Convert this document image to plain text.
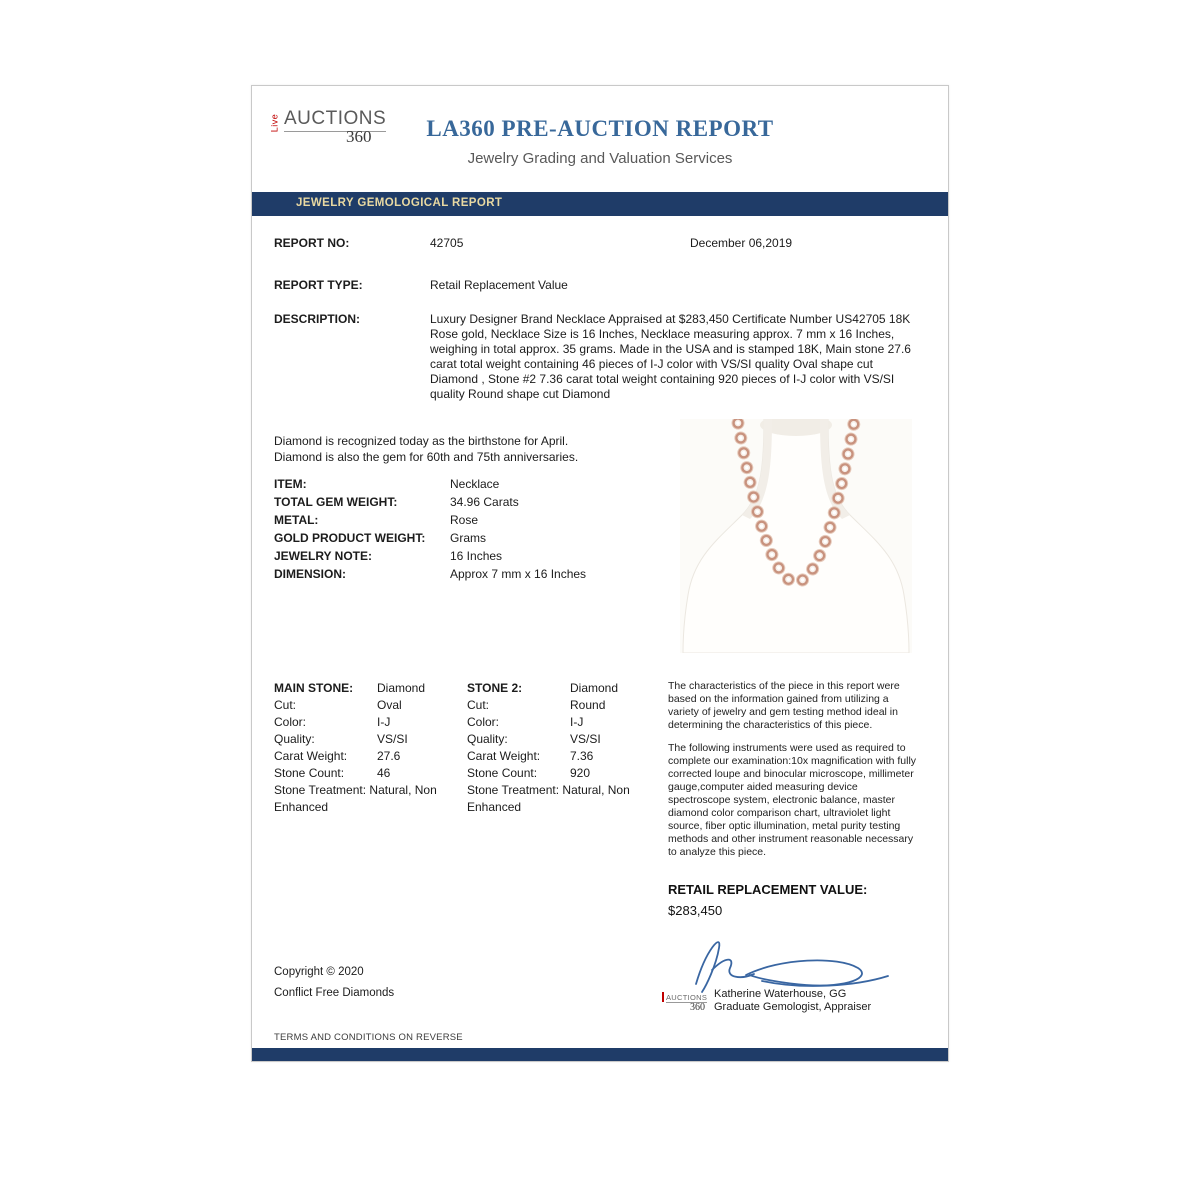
Live AUCTIONS
360	LA360 PRE-AUCTION REPORT
Jewelry Grading and Valuation Services
JEWELRY GEMOLOGICAL REPORT
REPORT NO:	42705	December 06,2019
REPORT TYPE:	Retail Replacement Value
DESCRIPTION:	Luxury Designer Brand Necklace Appraised at $283,450 Certificate Number US42705 18K Rose gold, Necklace Size is 16 Inches, Necklace measuring approx. 7 mm x 16 Inches, weighing in total approx. 35 grams. Made in the USA and is stamped 18K, Main stone 27.6 carat total weight containing 46 pieces of I-J color with VS/SI quality Oval shape cut Diamond , Stone #2 7.36 carat total weight containing 920 pieces of I-J color with VS/SI quality Round shape cut Diamond
Diamond is recognized today as the birthstone for April.
Diamond is also the gem for 60th and 75th anniversaries.
ITEM:	Necklace
TOTAL GEM WEIGHT:	34.96 Carats
METAL:	Rose
GOLD PRODUCT WEIGHT: Grams
JEWELRY NOTE:	16 Inches
DIMENSION:	Approx 7 mm x 16 Inches
MAIN STONE: Diamond
Cut:	Oval
Color:	I-J
Quality:	VS/SI
Carat Weight: 27.6
Stone Count:	46
Stone Treatment: Natural, Non Enhanced
STONE 2:	Diamond
Cut:	Round
Color:	I-J
Quality:	VS/SI
Carat Weight: 7.36
Stone Count:	920
Stone Treatment: Natural, Non Enhanced

The characteristics of the piece in this report were based on the information gained from utilizing a variety of jewelry and gem testing method ideal in determining the characteristics of this piece.

The following instruments were used as required to complete our examination:10x magnification with fully corrected loupe and binocular microscope, millimeter gauge,computer aided measuring device spectroscope system, electronic balance, master diamond color comparison chart, ultraviolet light source, fiber optic illumination, metal purity testing methods and other instrument reasonable necessary to analyze this piece.

RETAIL REPLACEMENT VALUE:
$283,450
AUCTIONS
360
Katherine Waterhouse, GG
Graduate Gemologist, Appraiser
Copyright © 2020
Conflict Free Diamonds
TERMS AND CONDITIONS ON REVERSE
